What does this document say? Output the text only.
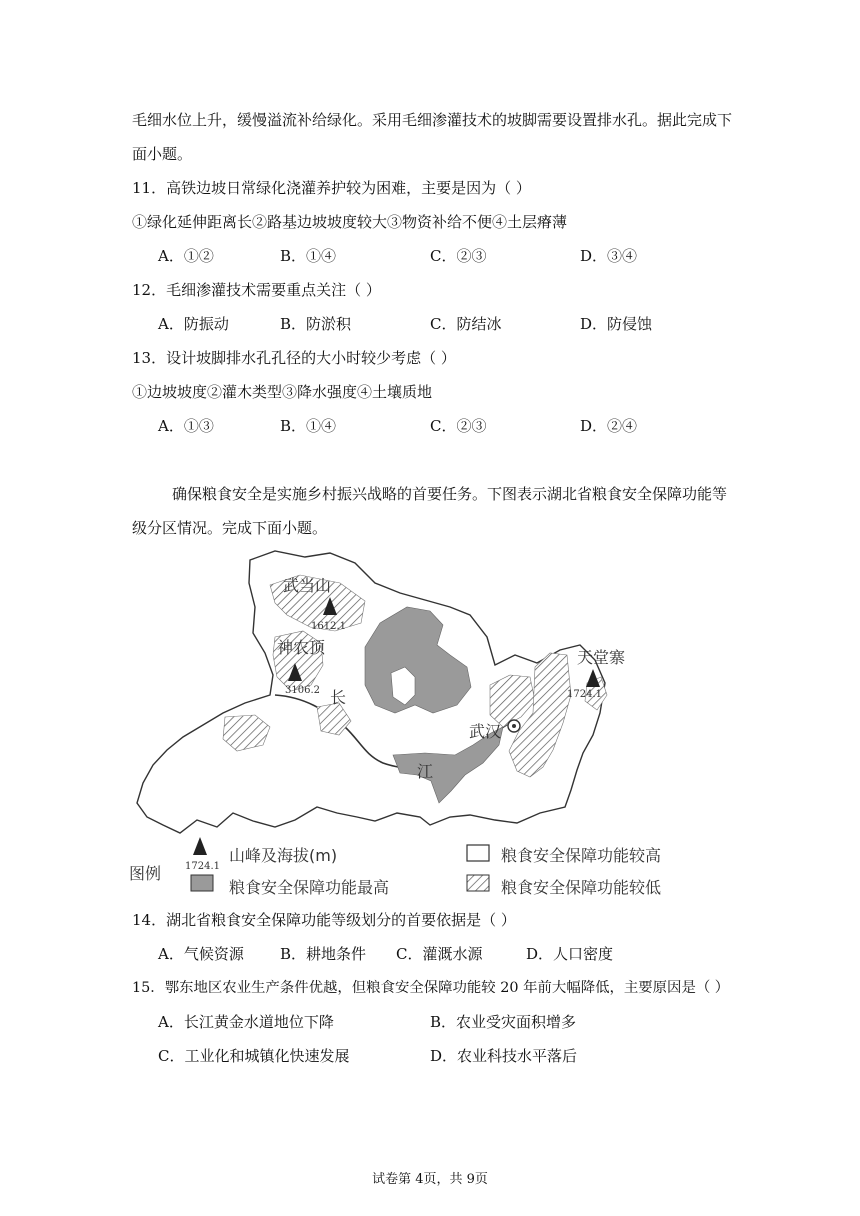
毛细水位上升，缓慢溢流补给绿化。采用毛细渗灌技术的坡脚需要设置排水孔。据此完成下
面小题。
11．高铁边坡日常绿化浇灌养护较为困难，主要是因为（ ）
①绿化延伸距离长②路基边坡坡度较大③物资补给不便④土层瘠薄
A．①②	B．①④	C．②③	D．③④
12．毛细渗灌技术需要重点关注（ ）
A．防振动	B．防淤积	C．防结冰	D．防侵蚀
13．设计坡脚排水孔孔径的大小时较少考虑（ ）
①边坡坡度②灌木类型③降水强度④土壤质地
A．①③	B．①④	C．②③	D．②④
确保粮食安全是实施乡村振兴战略的首要任务。下图表示湖北省粮食安全保障功能等
级分区情况。完成下面小题。
武当山
1612.1
神农顶
3106.2
天堂寨
1724.1
武汉
长
江
1724.1
图例
山峰及海拔(m)
粮食安全保障功能最高
粮食安全保障功能较高
粮食安全保障功能较低
14．湖北省粮食安全保障功能等级划分的首要依据是（ ）
A．气候资源 B．耕地条件 C．灌溉水源	D．人口密度
15．鄂东地区农业生产条件优越，但粮食安全保障功能较 20 年前大幅降低，主要原因是（ ）
A．长江黄金水道地位下降	B．农业受灾面积增多
C．工业化和城镇化快速发展	D．农业科技水平落后
试卷第 4页，共 9页
